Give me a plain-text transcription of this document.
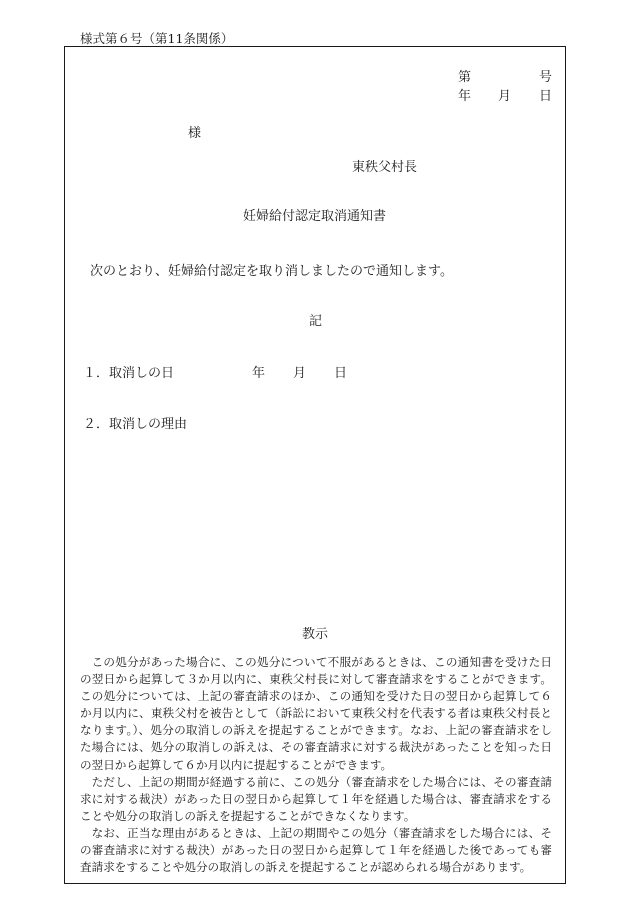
様式第６号（第11条関係）
第	号
年 月 日
様
東秩父村長
妊婦給付認定取消通知書
次のとおり、妊婦給付認定を取り消しましたので通知します。
記
１．取消しの日	年 月 日
２．取消しの理由
教示

この処分があった場合に、この処分について不服があるときは、この通知書を受けた日の翌日から起算して３か月以内に、東秩父村長に対して審査請求をすることができます。この処分については、上記の審査請求のほか、この通知を受けた日の翌日から起算して６か月以内に、東秩父村を被告として（訴訟において東秩父村を代表する者は東秩父村長となります。）、処分の取消しの訴えを提起することができます。なお、上記の審査請求をした場合には、処分の取消しの訴えは、その審査請求に対する裁決があったことを知った日の翌日から起算して６か月以内に提起することができます。

ただし、上記の期間が経過する前に、この処分（審査請求をした場合には、その審査請求に対する裁決）があった日の翌日から起算して１年を経過した場合は、審査請求をすることや処分の取消しの訴えを提起することができなくなります。

なお、正当な理由があるときは、上記の期間やこの処分（審査請求をした場合には、その審査請求に対する裁決）があった日の翌日から起算して１年を経過した後であっても審査請求をすることや処分の取消しの訴えを提起することが認められる場合があります。
